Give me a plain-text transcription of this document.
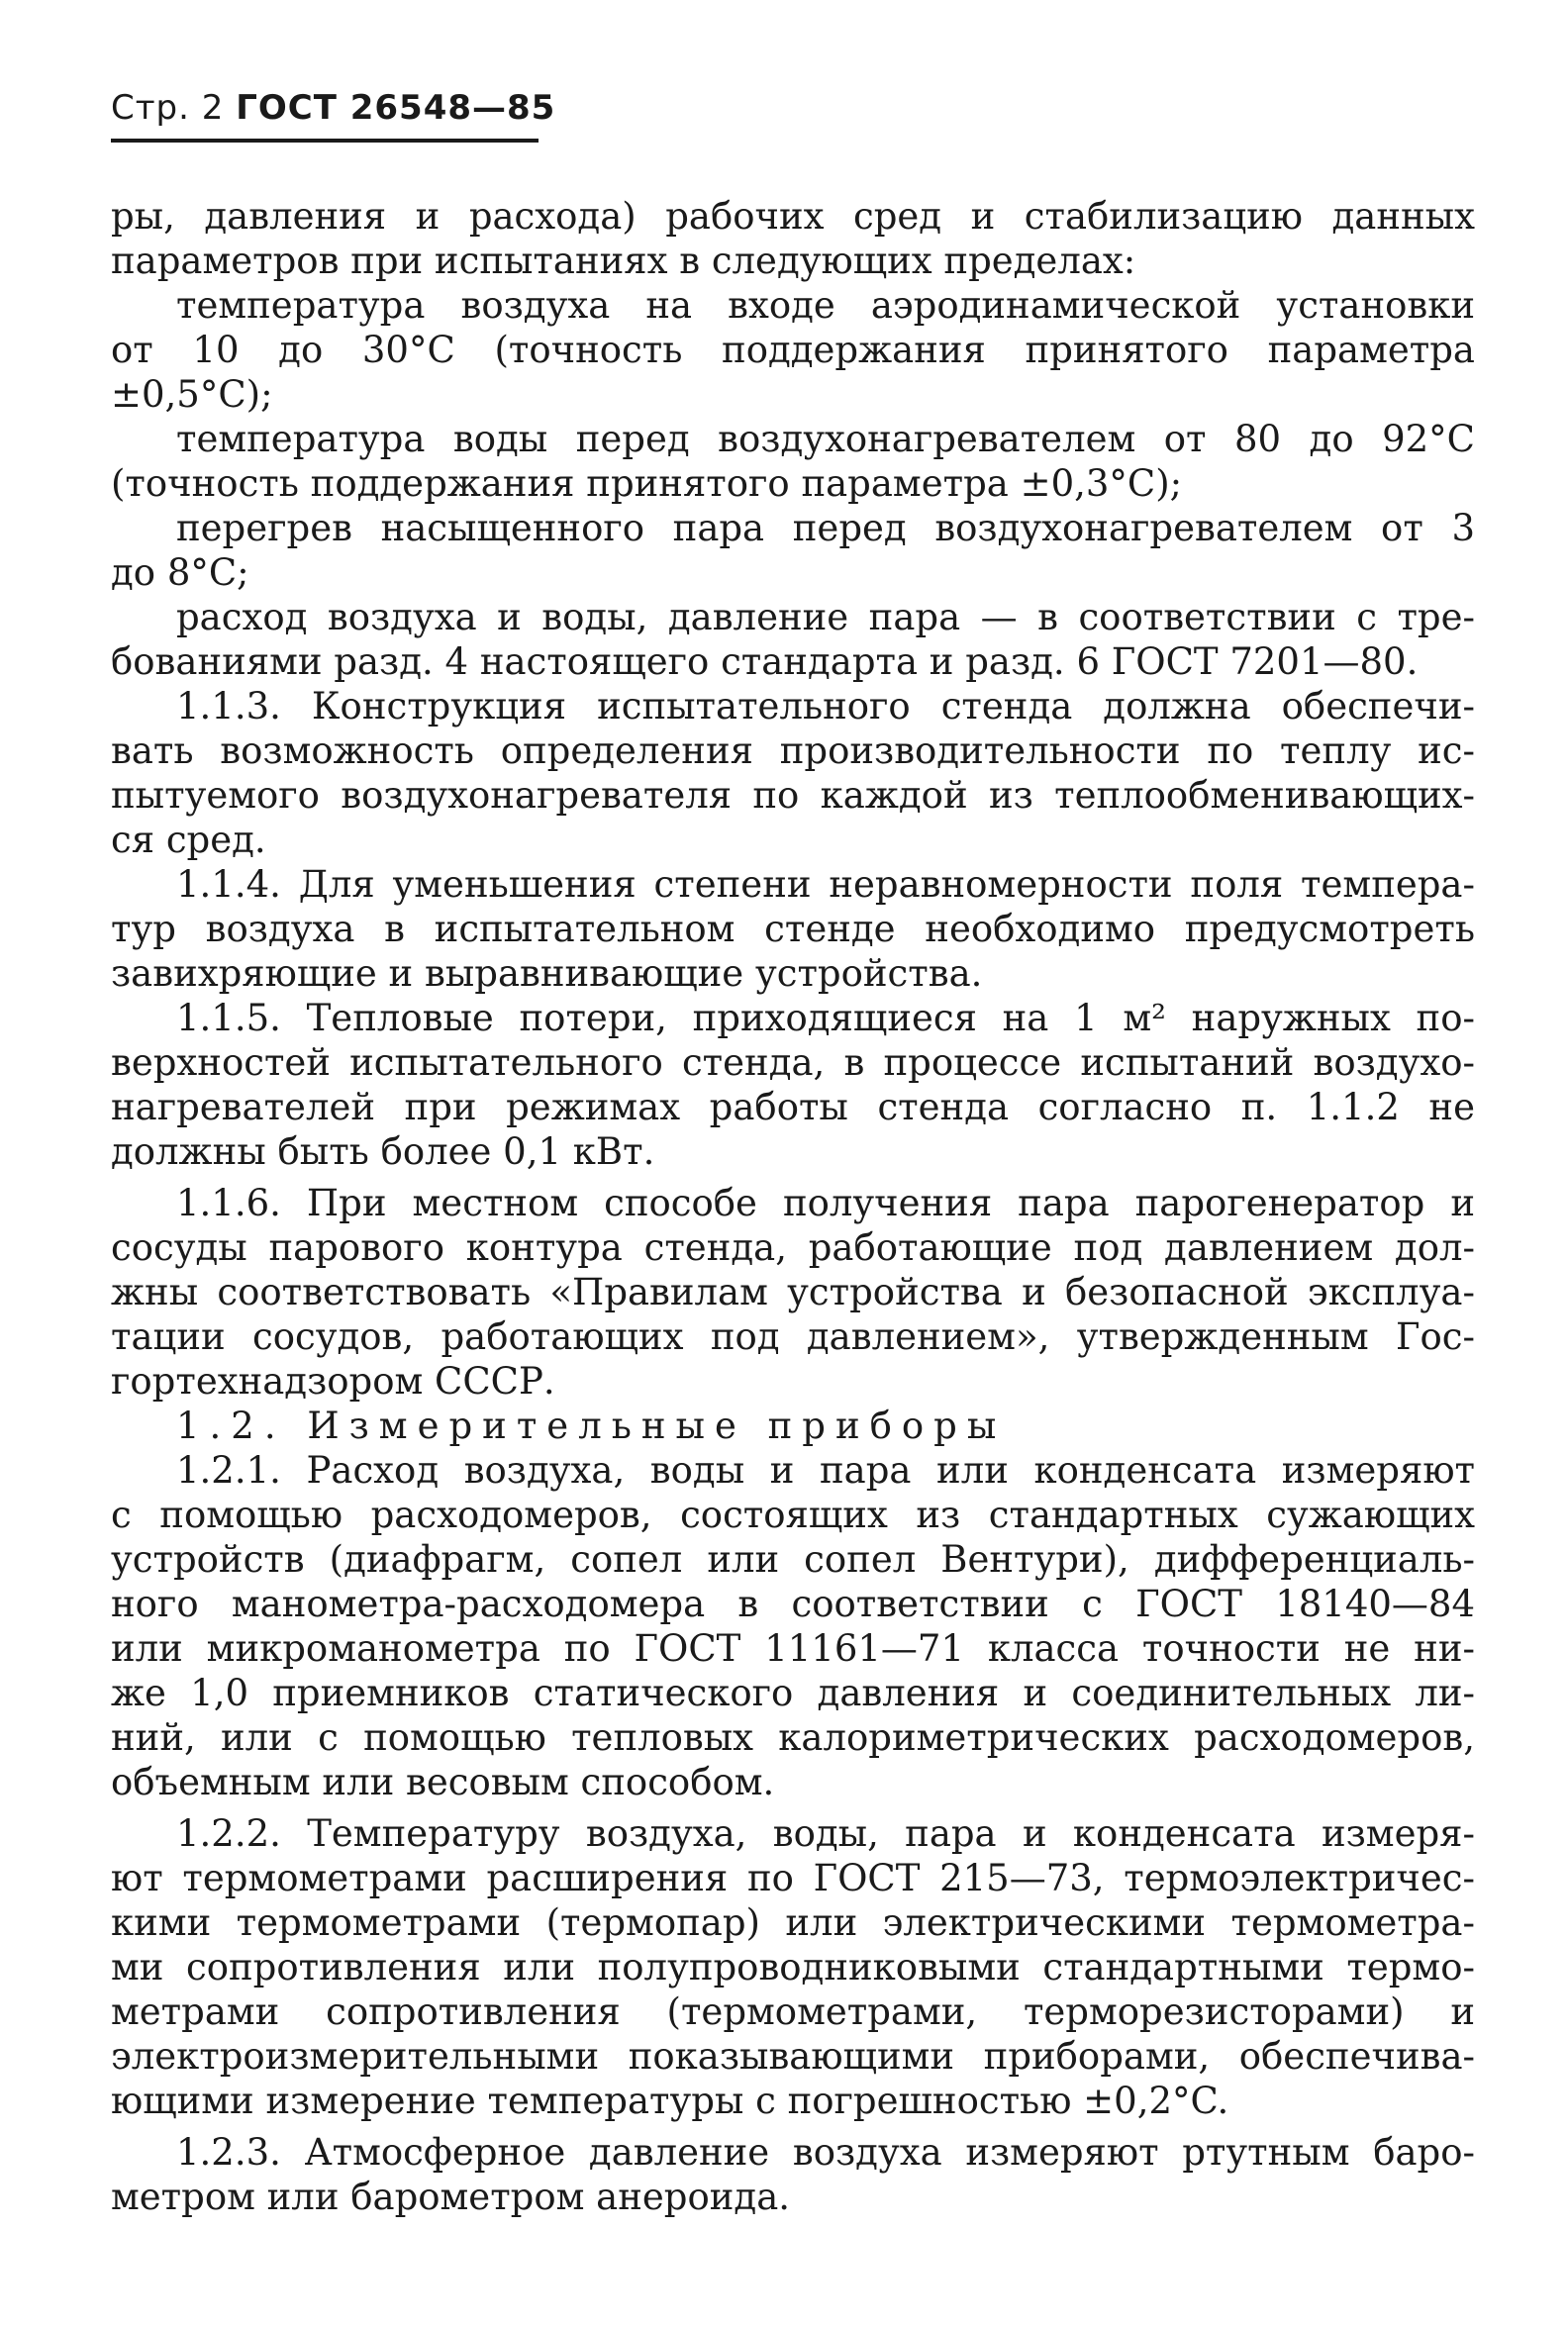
Стр. 2 ГОСТ 26548—85

ры, давления и расхода) рабочих сред и стабилизацию данных

параметров при испытаниях в следующих пределах:

температура воздуха на входе аэродинамической установки

от 10 до 30°C (точность поддержания принятого параметра

±0,5°C);

температура воды перед воздухонагревателем от 80 до 92°C

(точность поддержания принятого параметра ±0,3°C);

перегрев насыщенного пара перед воздухонагревателем от 3

до 8°C;

расход воздуха и воды, давление пара — в соответствии с тре-

бованиями разд. 4 настоящего стандарта и разд. 6 ГОСТ 7201—80.

1.1.3. Конструкция испытательного стенда должна обеспечи-

вать возможность определения производительности по теплу ис-

пытуемого воздухонагревателя по каждой из теплообменивающих-

ся сред.

1.1.4. Для уменьшения степени неравномерности поля темпера-

тур воздуха в испытательном стенде необходимо предусмотреть

завихряющие и выравнивающие устройства.

1.1.5. Тепловые потери, приходящиеся на 1 м² наружных по-

верхностей испытательного стенда, в процессе испытаний воздухо-

нагревателей при режимах работы стенда согласно п. 1.1.2 не

должны быть более 0,1 кВт.

1.1.6. При местном способе получения пара парогенератор и

сосуды парового контура стенда, работающие под давлением дол-

жны соответствовать «Правилам устройства и безопасной эксплуа-

тации сосудов, работающих под давлением», утвержденным Гос-

гортехнадзором СССР.

1.2. Измерительные приборы

1.2.1. Расход воздуха, воды и пара или конденсата измеряют

с помощью расходомеров, состоящих из стандартных сужающих

устройств (диафрагм, сопел или сопел Вентури), дифференциаль-

ного манометра-расходомера в соответствии с ГОСТ 18140—84

или микроманометра по ГОСТ 11161—71 класса точности не ни-

же 1,0 приемников статического давления и соединительных ли-

ний, или с помощью тепловых калориметрических расходомеров,

объемным или весовым способом.

1.2.2. Температуру воздуха, воды, пара и конденсата измеря-

ют термометрами расширения по ГОСТ 215—73, термоэлектричес-

кими термометрами (термопар) или электрическими термометра-

ми сопротивления или полупроводниковыми стандартными термо-

метрами сопротивления (термометрами, терморезисторами) и

электроизмерительными показывающими приборами, обеспечива-

ющими измерение температуры с погрешностью ±0,2°C.

1.2.3. Атмосферное давление воздуха измеряют ртутным баро-

метром или барометром анероида.
